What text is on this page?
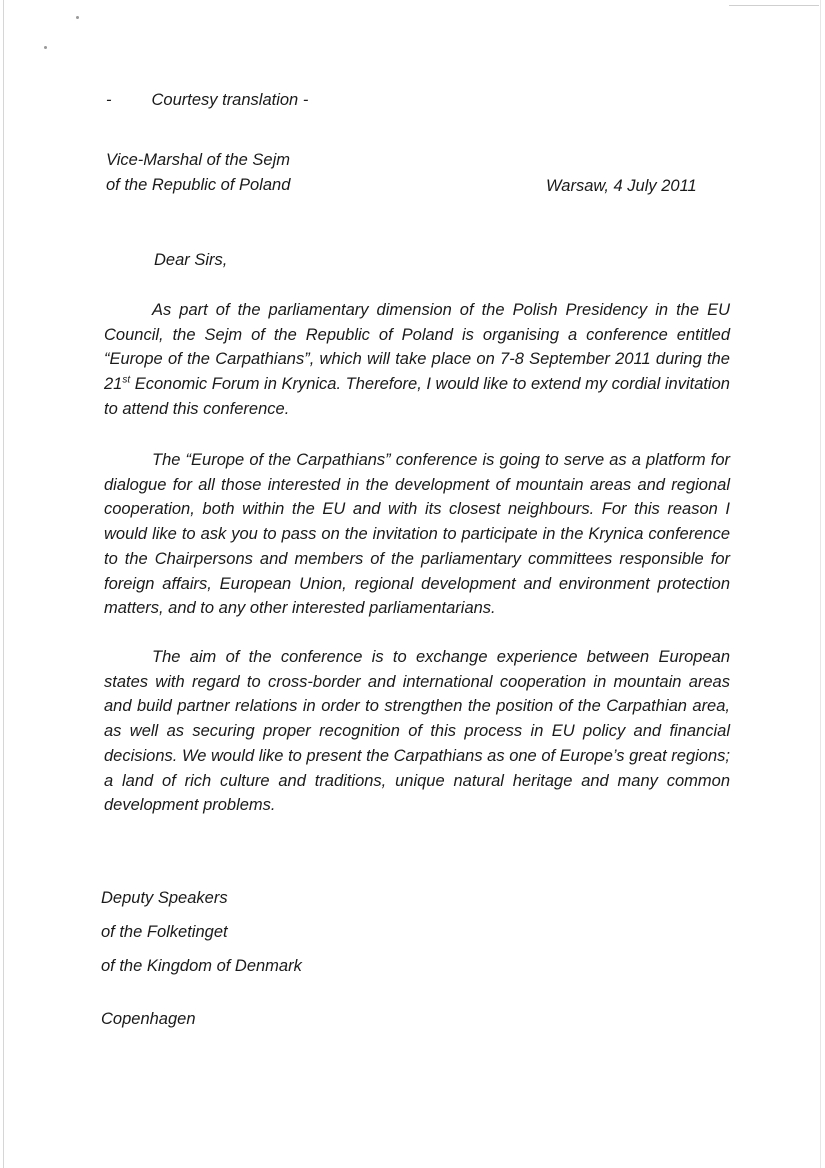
- Courtesy translation -
Vice-Marshal of the Sejm
of the Republic of Poland	Warsaw, 4 July 2011
Dear Sirs,
As part of the parliamentary dimension of the Polish Presidency in the EU Council, the Sejm of the Republic of Poland is organising a conference entitled “Europe of the Carpathians”, which will take place on 7-8 September 2011 during the 21st Economic Forum in Krynica. Therefore, I would like to extend my cordial invitation to attend this conference.
The “Europe of the Carpathians” conference is going to serve as a platform for dialogue for all those interested in the development of mountain areas and regional cooperation, both within the EU and with its closest neighbours. For this reason I would like to ask you to pass on the invitation to participate in the Krynica conference to the Chairpersons and members of the parliamentary committees responsible for foreign affairs, European Union, regional development and environment protection matters, and to any other interested parliamentarians.
The aim of the conference is to exchange experience between European states with regard to cross-border and international cooperation in mountain areas and build partner relations in order to strengthen the position of the Carpathian area, as well as securing proper recognition of this process in EU policy and financial decisions. We would like to present the Carpathians as one of Europe’s great regions; a land of rich culture and traditions, unique natural heritage and many common development problems.

Deputy Speakers

of the Folketinget

of the Kingdom of Denmark

Copenhagen
